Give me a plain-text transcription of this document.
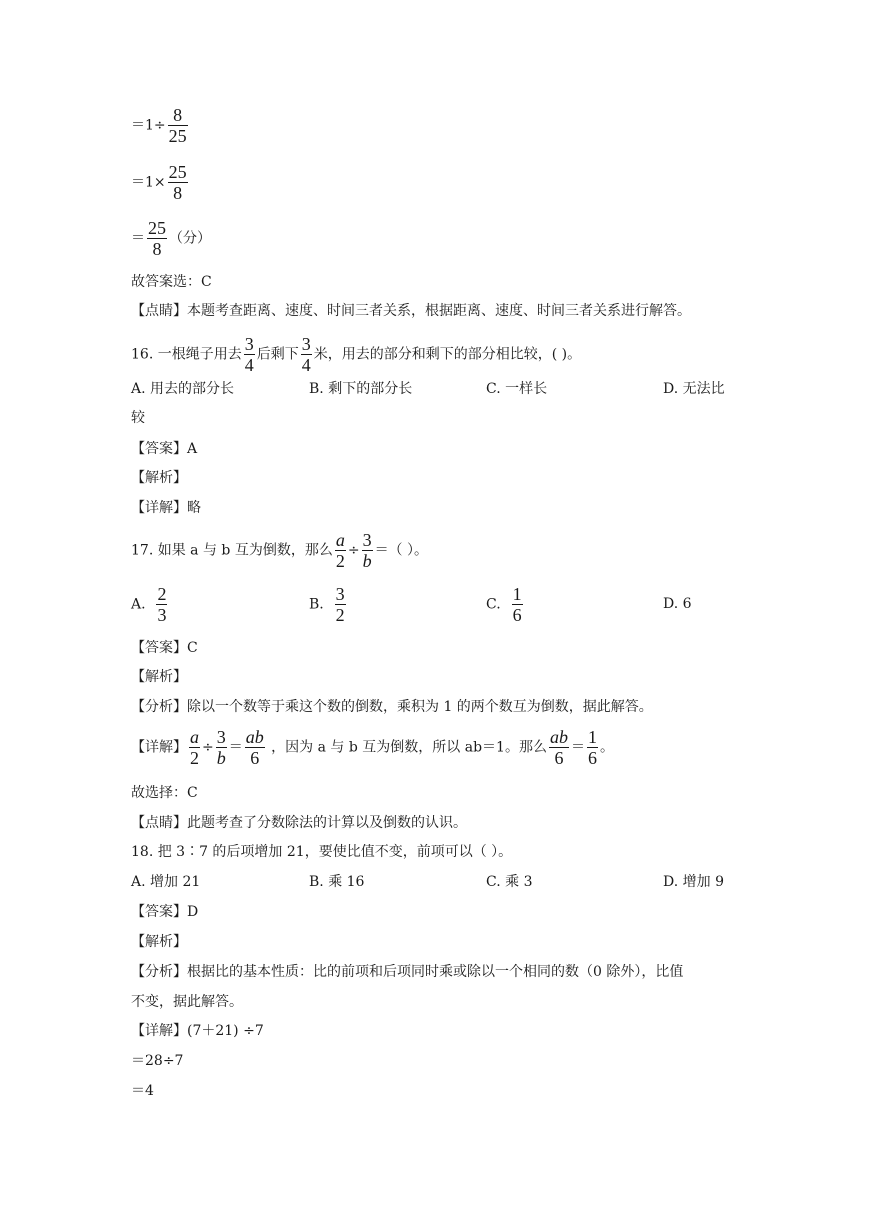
$=1\div \frac{8}{25}$
$=1\times \frac{25}{8}$
＝ $\frac{25}{8}$ （分）
故答案选：C
【点睛】本题考查距离、速度、时间三者关系，根据距离、速度、时间三者关系进行解答。
16. 一根绳子用去 $\frac{3}{4}$ 后剩下 $\frac{3}{4}$ 米，用去的部分和剩下的部分相比较，( )。
A. 用去的部分长	B. 剩下的部分长	C. 一样长	D. 无法比
较
【答案】A
【解析】
【详解】略
17. 如果 a 与 b 互为倒数，那么 $\frac{a}{2} \div \frac{3}{b}$ ＝（ ）。
A. $\frac{2}{3}$	B. $\frac{3}{2}$	C. $\frac{1}{6}$	D. 6
【答案】C
【解析】
【分析】除以一个数等于乘这个数的倒数，乘积为 1 的两个数互为倒数，据此解答。
【详解】 $\frac{a}{2} \div \frac{3}{b} = \frac{ab}{6}$ ，因为 a 与 b 互为倒数，所以 ab＝1。那么 $\frac{ab}{6} = \frac{1}{6}$ 。
故选择：C
【点睛】此题考查了分数除法的计算以及倒数的认识。
18. 把 3∶7 的后项增加 21，要使比值不变，前项可以（ ）。
A. 增加 21	B. 乘 16	C. 乘 3	D. 增加 9
【答案】D
【解析】
【分析】根据比的基本性质：比的前项和后项同时乘或除以一个相同的数（0 除外），比值
不变，据此解答。
【详解】(7＋21) ÷7
＝28÷7
＝4
